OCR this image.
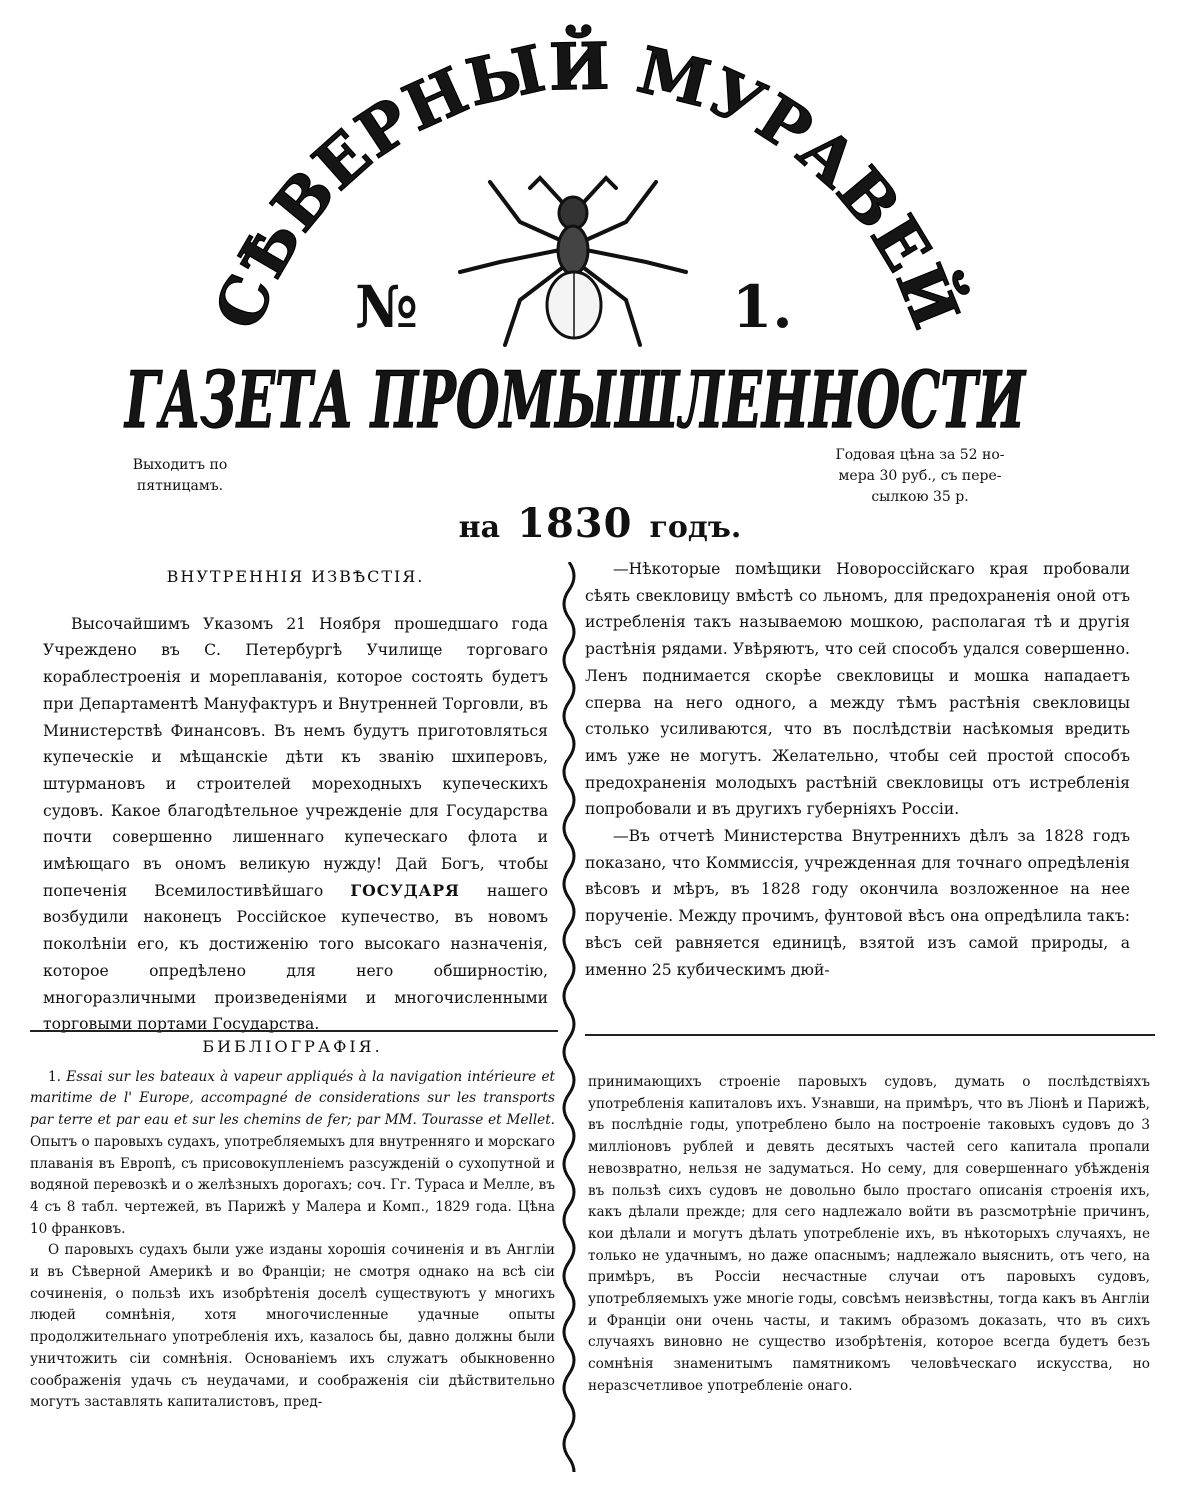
СѢВЕРНЫЙ МУРАВЕЙ
№	1.
ГАЗЕТА ПРОМЫШЛЕННОСТИ
Выходитъ по
пятницамъ.
Годовая цѣна за 52 но-
мера 30 руб., съ пере-
сылкою 35 р.
на 1830 годъ.
ВНУТРЕННІЯ ИЗВѢСТІЯ.

Высочайшимъ Указомъ 21 Ноября прошедшаго года Учреждено въ С. Петербургѣ Училище торговаго кораблестроенія и мореплаванія, которое состоять будетъ при Департаментѣ Мануфактуръ и Внутренней Торговли, въ Министерствѣ Финансовъ. Въ немъ будутъ приготовляться купеческіе и мѣщанскіе дѣти къ званію шхиперовъ, штурмановъ и строителей мореходныхъ купеческихъ судовъ. Какое благодѣтельное учрежденіе для Государства почти совершенно лишеннаго купеческаго флота и имѣющаго въ ономъ великую нужду! Дай Богъ, чтобы попеченія Всемилостивѣйшаго ГОСУДАРЯ нашего возбудили наконецъ Россійское купечество, въ новомъ поколѣніи его, къ достиженію того высокаго назначенія, которое опредѣлено для него обширностію, многоразличными произведеніями и многочисленными торговыми портами Государства.

—Нѣкоторые помѣщики Новороссійскаго края пробовали сѣять свекловицу вмѣстѣ со льномъ, для предохраненія оной отъ истребленія такъ называемою мошкою, располагая тѣ и другія растѣнія рядами. Увѣряютъ, что сей способъ удался совершенно. Ленъ поднимается скорѣе свекловицы и мошка нападаетъ сперва на него одного, а между тѣмъ растѣнія свекловицы столько усиливаются, что въ послѣдствіи насѣкомыя вредить имъ уже не могутъ. Желательно, чтобы сей простой способъ предохраненія молодыхъ растѣній свекловицы отъ истребленія попробовали и въ другихъ губерніяхъ Россіи.

—Въ отчетѣ Министерства Внутреннихъ дѣлъ за 1828 годъ показано, что Коммиссія, учрежденная для точнаго опредѣленія вѣсовъ и мѣръ, въ 1828 году окончила возложенное на нее порученіе. Между прочимъ, фунтовой вѣсъ она опредѣлила такъ: вѣсъ сей равняется единицѣ, взятой изъ самой природы, а именно 25 кубическимъ дюй-

БИБЛІОГРАФІЯ.

1. Essai sur les bateaux à vapeur appliqués à la navigation intérieure et maritime de l' Europe, accompagné de considerations sur les transports par terre et par eau et sur les chemins de fer; par MM. Tourasse et Mellet. Опытъ о паровыхъ судахъ, употребляемыхъ для внутренняго и морскаго плаванія въ Европѣ, съ присовокупленіемъ разсужденій о сухопутной и водяной перевозкѣ и о желѣзныхъ дорогахъ; соч. Гг. Тураса и Мелле, въ 4 съ 8 табл. чертежей, въ Парижѣ у Малера и Комп., 1829 года. Цѣна 10 франковъ.

О паровыхъ судахъ были уже изданы хорошія сочиненія и въ Англіи и въ Сѣверной Америкѣ и во Франціи; не смотря однако на всѣ сіи сочиненія, о пользѣ ихъ изобрѣтенія доселѣ существуютъ у многихъ людей сомнѣнія, хотя многочисленные удачные опыты продолжительнаго употребленія ихъ, казалось бы, давно должны были уничтожить сіи сомнѣнія. Основаніемъ ихъ служатъ обыкновенно соображенія удачь съ неудачами, и соображенія сіи дѣйствительно могутъ заставлять капиталистовъ, пред-

принимающихъ строеніе паровыхъ судовъ, думать о послѣдствіяхъ употребленія капиталовъ ихъ. Узнавши, на примѣръ, что въ Ліонѣ и Парижѣ, въ послѣдніе годы, употреблено было на построеніе таковыхъ судовъ до 3 милліоновъ рублей и девять десятыхъ частей сего капитала пропали невозвратно, нельзя не задуматься. Но сему, для совершеннаго убѣжденія въ пользѣ сихъ судовъ не довольно было простаго описанія строенія ихъ, какъ дѣлали прежде; для сего надлежало войти въ разсмотрѣніе причинъ, кои дѣлали и могутъ дѣлать употребленіе ихъ, въ нѣкоторыхъ случаяхъ, не только не удачнымъ, но даже опаснымъ; надлежало выяснить, отъ чего, на примѣръ, въ Россіи несчастные случаи отъ паровыхъ судовъ, употребляемыхъ уже многіе годы, совсѣмъ неизвѣстны, тогда какъ въ Англіи и Франціи они очень часты, и такимъ образомъ доказать, что въ сихъ случаяхъ виновно не существо изобрѣтенія, которое всегда будетъ безъ сомнѣнія знаменитымъ памятникомъ человѣческаго искусства, но неразсчетливое употребленіе онаго.
